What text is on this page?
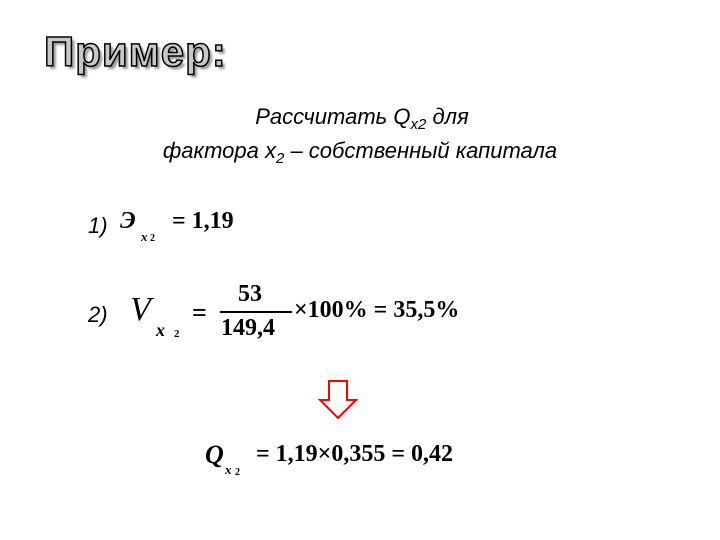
Пример:
Рассчитать $Q_{x2}$ для
фактора $x_2$ – собственный капитала
1) Э
x 2
= 1,19
2) V
x 2
=
53
149,4
×100% = 35,5%
Q
x 2
= 1,19×0,355 = 0,42
